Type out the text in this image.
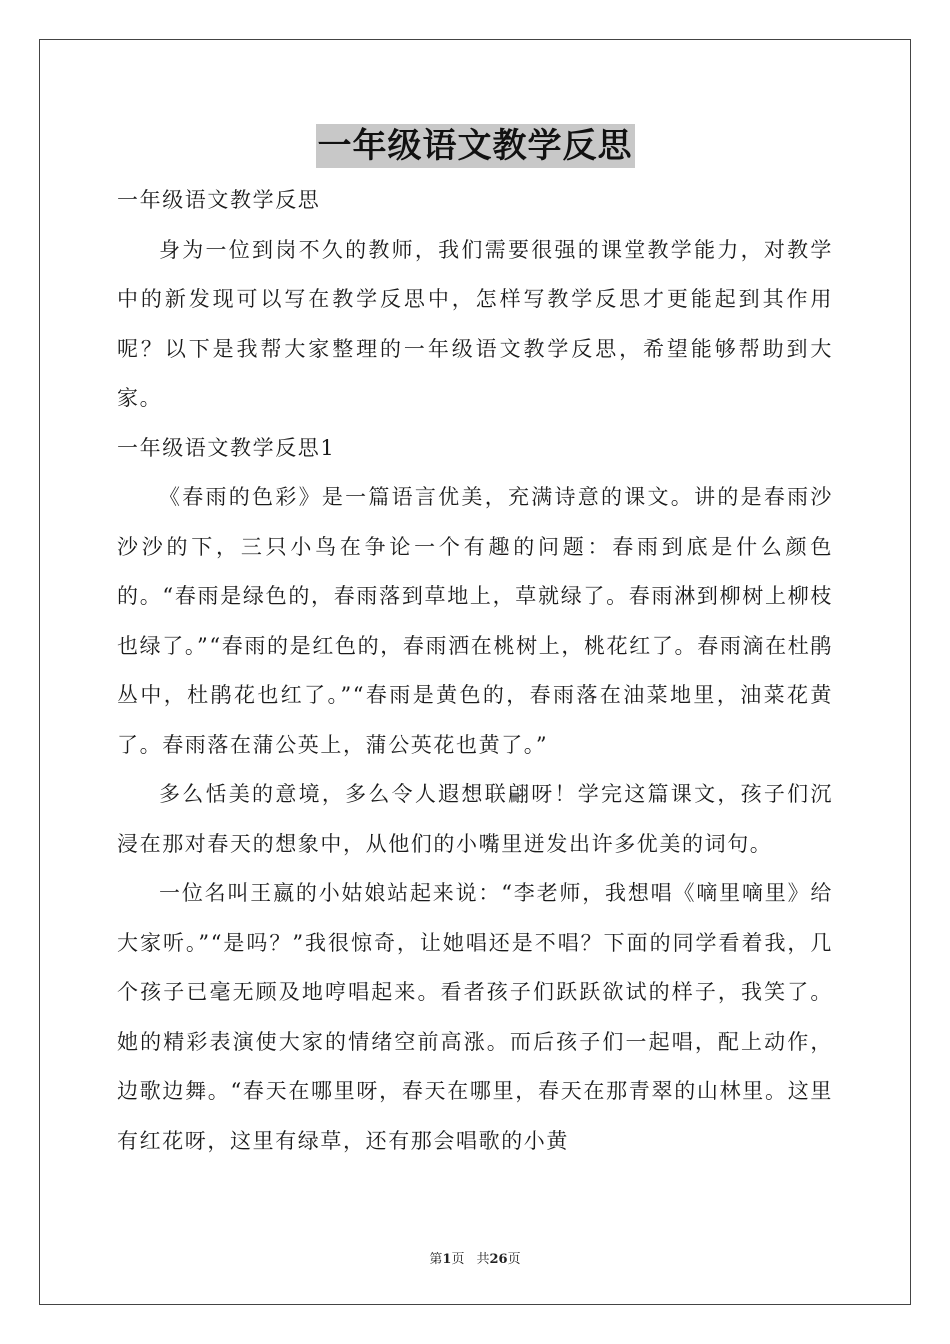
一年级语文教学反思

一年级语文教学反思

身为一位到岗不久的教师，我们需要很强的课堂教学能力，对教学中的新发现可以写在教学反思中，怎样写教学反思才更能起到其作用呢？以下是我帮大家整理的一年级语文教学反思，希望能够帮助到大家。

一年级语文教学反思1

《春雨的色彩》是一篇语言优美，充满诗意的课文。讲的是春雨沙沙沙的下，三只小鸟在争论一个有趣的问题：春雨到底是什么颜色的。“春雨是绿色的，春雨落到草地上，草就绿了。春雨淋到柳树上柳枝也绿了。”“春雨的是红色的，春雨洒在桃树上，桃花红了。春雨滴在杜鹃丛中，杜鹃花也红了。”“春雨是黄色的，春雨落在油菜地里，油菜花黄了。春雨落在蒲公英上，蒲公英花也黄了。”

多么恬美的意境，多么令人遐想联翩呀！学完这篇课文，孩子们沉浸在那对春天的想象中，从他们的小嘴里迸发出许多优美的词句。

一位名叫王嬴的小姑娘站起来说：“李老师，我想唱《嘀里嘀里》给大家听。”“是吗？”我很惊奇，让她唱还是不唱？下面的同学看着我，几个孩子已毫无顾及地哼唱起来。看者孩子们跃跃欲试的样子，我笑了。她的精彩表演使大家的情绪空前高涨。而后孩子们一起唱，配上动作，边歌边舞。“春天在哪里呀，春天在哪里，春天在那青翠的山林里。这里有红花呀，这里有绿草，还有那会唱歌的小黄

第1页 共26页
